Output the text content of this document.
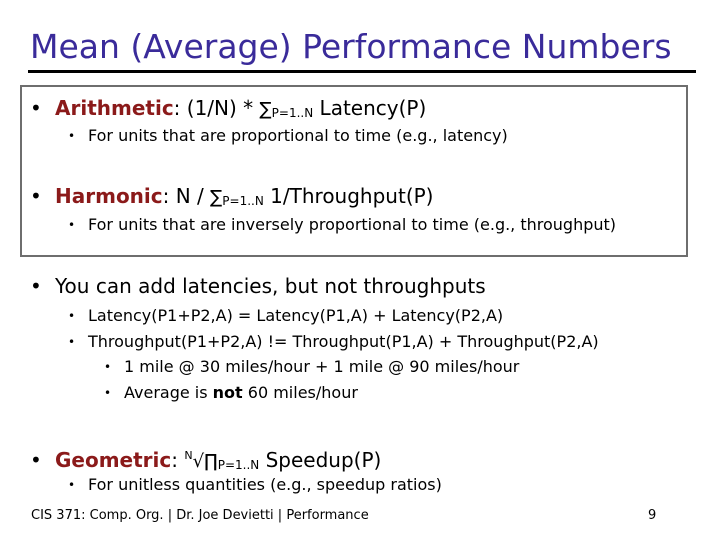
Mean (Average) Performance Numbers
• Arithmetic: $(1/N) * \sum_{P=1..N}$ Latency(P)
• For units that are proportional to time (e.g., latency)
• Harmonic: N / $\sum_{P=1..N}$ 1/Throughput(P)
• For units that are inversely proportional to time (e.g., throughput)
• You can add latencies, but not throughputs
• Latency(P1+P2,A) = Latency(P1,A) + Latency(P2,A)
• Throughput(P1+P2,A) != Throughput(P1,A) + Throughput(P2,A)
• 1 mile @ 30 miles/hour + 1 mile @ 90 miles/hour
• Average is not 60 miles/hour
• Geometric: $^N√\prod_{P=1..N}$ Speedup(P)
• For unitless quantities (e.g., speedup ratios)
CIS 371: Comp. Org. | Dr. Joe Devietti | Performance	9
